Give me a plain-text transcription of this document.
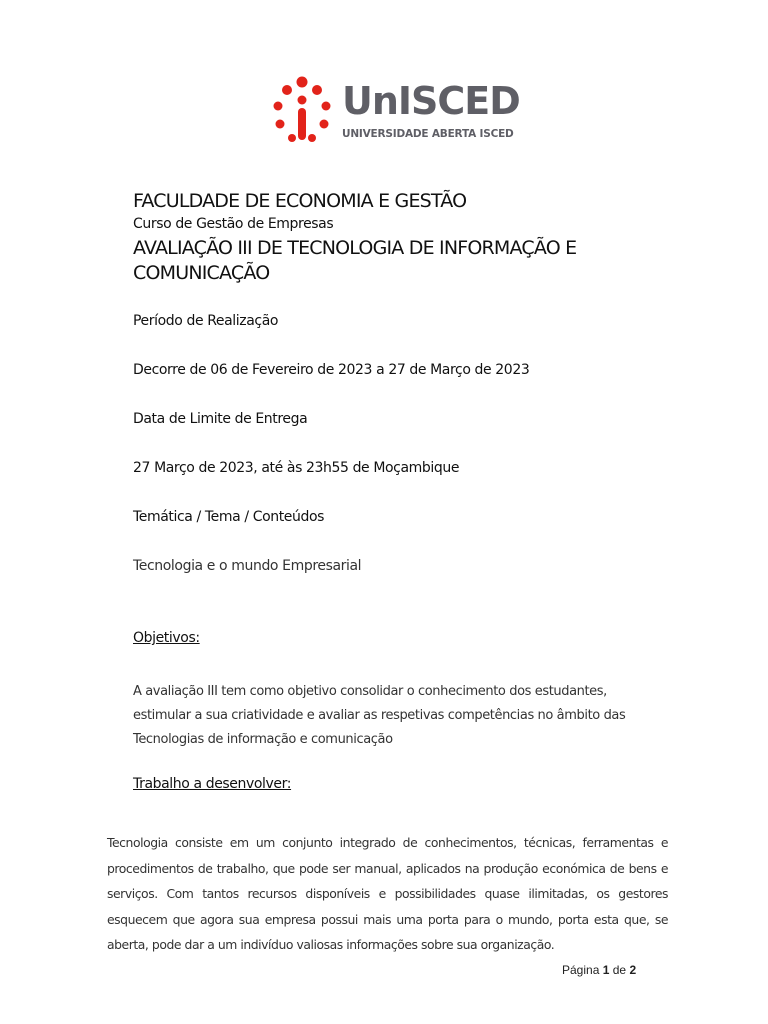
UnISCED
UNIVERSIDADE ABERTA ISCED
FACULDADE DE ECONOMIA E GESTÃO
Curso de Gestão de Empresas
AVALIAÇÃO III DE TECNOLOGIA DE INFORMAÇÃO E COMUNICAÇÃO
Período de Realização
Decorre de 06 de Fevereiro de 2023 a 27 de Março de 2023
Data de Limite de Entrega
27 Março de 2023, até às 23h55 de Moçambique
Temática / Tema / Conteúdos
Tecnologia e o mundo Empresarial
Objetivos:
A avaliação III tem como objetivo consolidar o conhecimento dos estudantes, estimular a sua criatividade e avaliar as respetivas competências no âmbito das Tecnologias de informação e comunicação
Trabalho a desenvolver:
Tecnologia consiste em um conjunto integrado de conhecimentos, técnicas, ferramentas e procedimentos de trabalho, que pode ser manual, aplicados na produção económica de bens e serviços. Com tantos recursos disponíveis e possibilidades quase ilimitadas, os gestores esquecem que agora sua empresa possui mais uma porta para o mundo, porta esta que, se aberta, pode dar a um indivíduo valiosas informações sobre sua organização.
Página 1 de 2
